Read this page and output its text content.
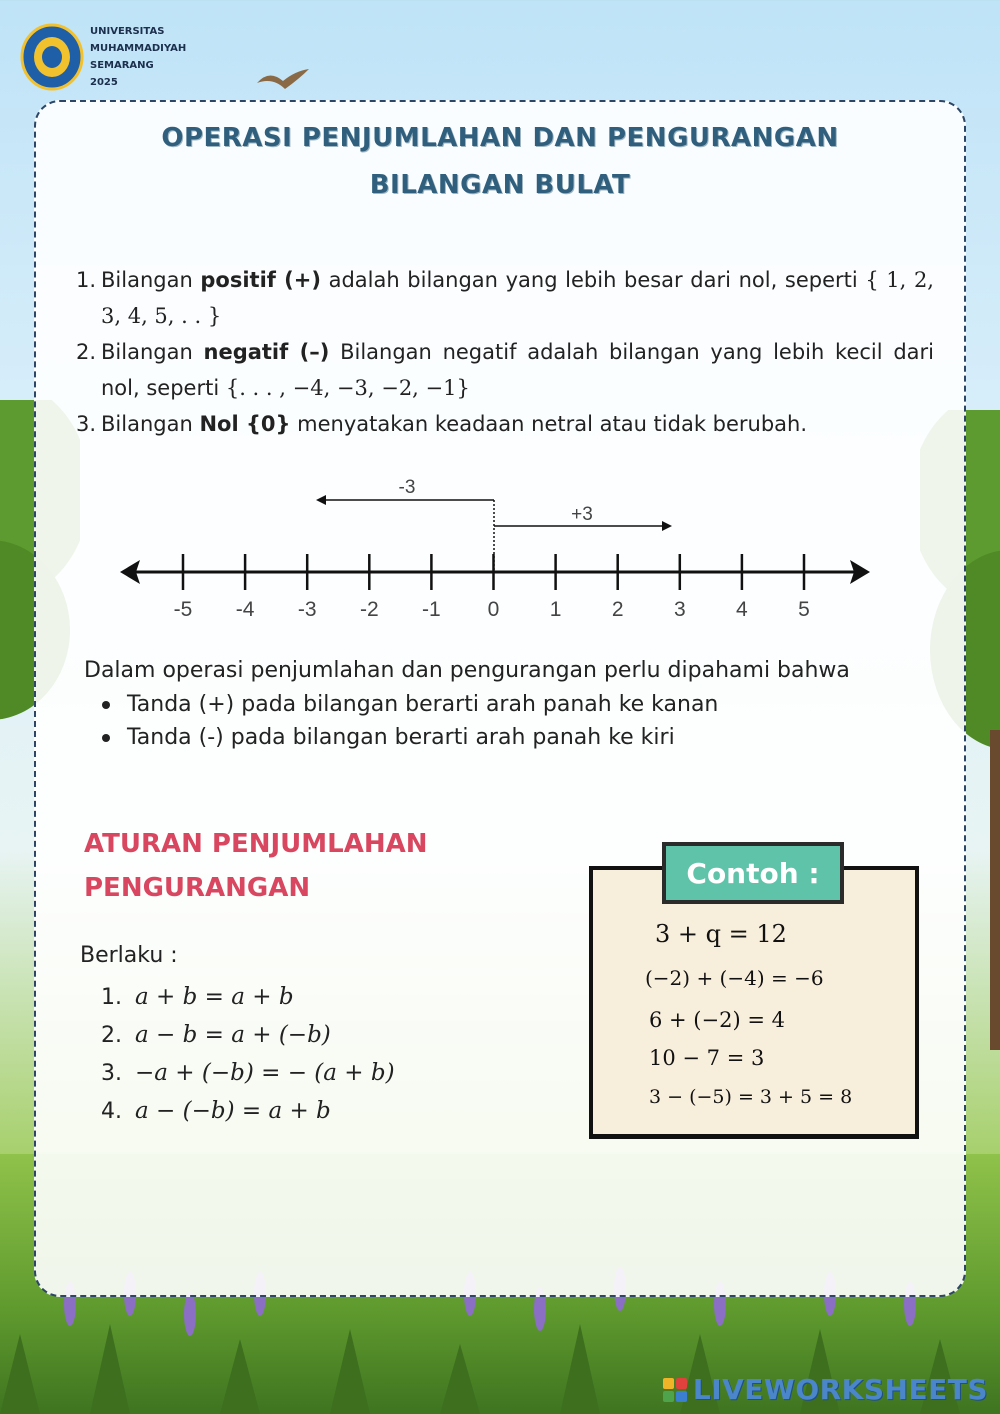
UNIVERSITAS
MUHAMMADIYAH
SEMARANG
2025
OPERASI PENJUMLAHAN DAN PENGURANGAN
BILANGAN BULAT
1. Bilangan positif (+) adalah bilangan yang lebih besar dari nol, seperti { 1, 2, 3, 4, 5, . . }
2. Bilangan negatif (–) Bilangan negatif adalah bilangan yang lebih kecil dari nol, seperti {. . . , −4, −3, −2, −1}
3. Bilangan Nol {0} menyatakan keadaan netral atau tidak berubah.
-5 -4 -3 -2 -1 0 1 2 3 4 5
-3
+3
Dalam operasi penjumlahan dan pengurangan perlu dipahami bahwa
Tanda (+) pada bilangan berarti arah panah ke kanan
Tanda (-) pada bilangan berarti arah panah ke kiri
ATURAN PENJUMLAHAN
PENGURANGAN
Berlaku :
1. a + b = a + b
2. a − b = a + (−b)
3. −a + (−b) = − (a + b)
4. a − (−b) = a + b
Contoh :
3 + q = 12
(−2) + (−4) = −6
6 + (−2) = 4
10 − 7 = 3
3 − (−5) = 3 + 5 = 8
LIVEWORKSHEETS
